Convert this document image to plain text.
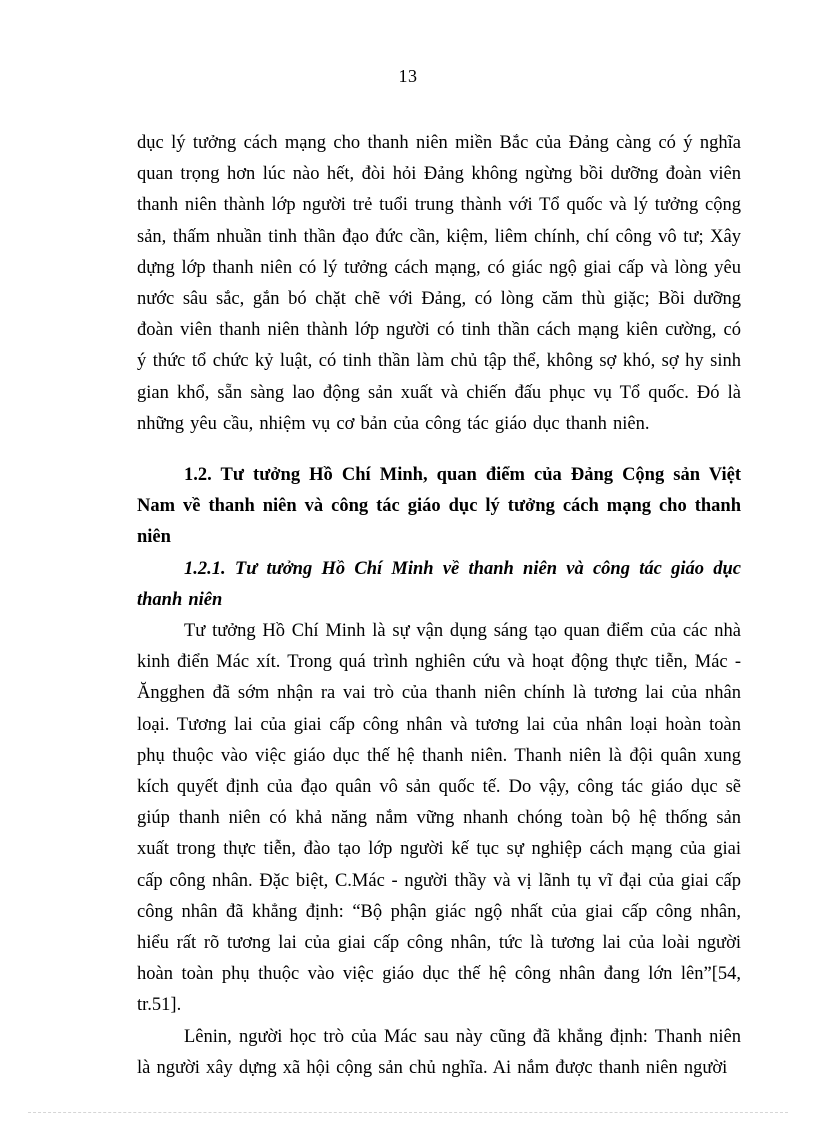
13

dục lý tưởng cách mạng cho thanh niên miền Bắc của Đảng càng có ý nghĩa quan trọng hơn lúc nào hết, đòi hỏi Đảng không ngừng bồi dưỡng đoàn viên thanh niên thành lớp người trẻ tuổi trung thành với Tổ quốc và lý tưởng cộng sản, thấm nhuần tinh thần đạo đức cần, kiệm, liêm chính, chí công vô tư; Xây dựng lớp thanh niên có lý tưởng cách mạng, có giác ngộ giai cấp và lòng yêu nước sâu sắc, gắn bó chặt chẽ với Đảng, có lòng căm thù giặc; Bồi dưỡng đoàn viên thanh niên thành lớp người có tinh thần cách mạng kiên cường, có ý thức tổ chức kỷ luật, có tinh thần làm chủ tập thể, không sợ khó, sợ hy sinh gian khổ, sẵn sàng lao động sản xuất và chiến đấu phục vụ Tổ quốc. Đó là những yêu cầu, nhiệm vụ cơ bản của công tác giáo dục thanh niên.

1.2. Tư tưởng Hồ Chí Minh, quan điểm của Đảng Cộng sản Việt Nam về thanh niên và công tác giáo dục lý tưởng cách mạng cho thanh niên

1.2.1. Tư tưởng Hồ Chí Minh về thanh niên và công tác giáo dục thanh niên

Tư tưởng Hồ Chí Minh là sự vận dụng sáng tạo quan điểm của các nhà kinh điển Mác xít. Trong quá trình nghiên cứu và hoạt động thực tiễn, Mác - Ăngghen đã sớm nhận ra vai trò của thanh niên chính là tương lai của nhân loại. Tương lai của giai cấp công nhân và tương lai của nhân loại hoàn toàn phụ thuộc vào việc giáo dục thế hệ thanh niên. Thanh niên là đội quân xung kích quyết định của đạo quân vô sản quốc tế. Do vậy, công tác giáo dục sẽ giúp thanh niên có khả năng nắm vững nhanh chóng toàn bộ hệ thống sản xuất trong thực tiễn, đào tạo lớp người kế tục sự nghiệp cách mạng của giai cấp công nhân. Đặc biệt, C.Mác - người thầy và vị lãnh tụ vĩ đại của giai cấp công nhân đã khẳng định: “Bộ phận giác ngộ nhất của giai cấp công nhân, hiểu rất rõ tương lai của giai cấp công nhân, tức là tương lai của loài người hoàn toàn phụ thuộc vào việc giáo dục thế hệ công nhân đang lớn lên”[54, tr.51].

Lênin, người học trò của Mác sau này cũng đã khẳng định: Thanh niên là người xây dựng xã hội cộng sản chủ nghĩa. Ai nắm được thanh niên người
